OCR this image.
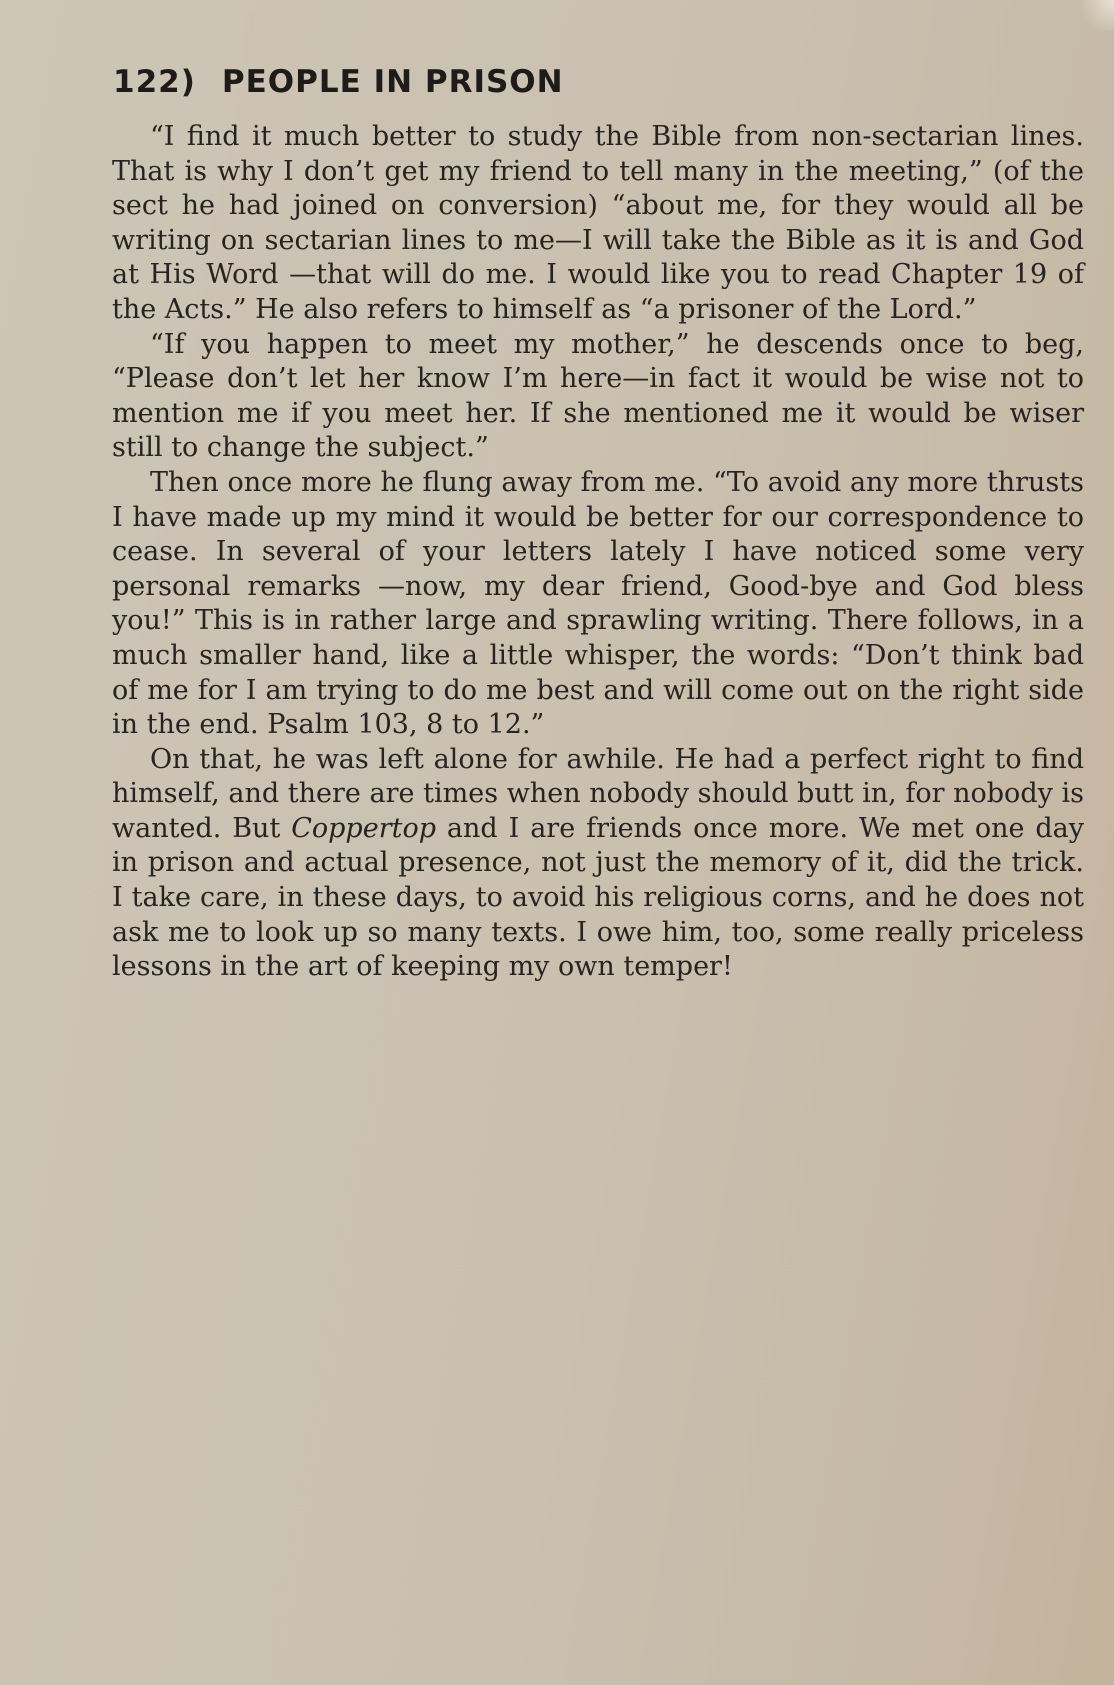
122) PEOPLE IN PRISON

“I find it much better to study the Bible from non-sectarian lines. That is why I don’t get my friend to tell many in the meeting,” (of the sect he had joined on conversion) “about me, for they would all be writing on sectarian lines to me—I will take the Bible as it is and God at His Word —that will do me. I would like you to read Chapter 19 of the Acts.” He also refers to himself as “a prisoner of the Lord.”

“If you happen to meet my mother,” he descends once to beg, “Please don’t let her know I’m here—in fact it would be wise not to mention me if you meet her. If she mentioned me it would be wiser still to change the subject.”

Then once more he flung away from me. “To avoid any more thrusts I have made up my mind it would be better for our correspondence to cease. In several of your letters lately I have noticed some very personal remarks —now, my dear friend, Good-bye and God bless you!” This is in rather large and sprawling writing. There follows, in a much smaller hand, like a little whisper, the words: “Don’t think bad of me for I am trying to do me best and will come out on the right side in the end. Psalm 103, 8 to 12.”

On that, he was left alone for awhile. He had a perfect right to find himself, and there are times when nobody should butt in, for nobody is wanted. But Coppertop and I are friends once more. We met one day in prison and actual presence, not just the memory of it, did the trick. I take care, in these days, to avoid his religious corns, and he does not ask me to look up so many texts. I owe him, too, some really priceless lessons in the art of keeping my own temper!
